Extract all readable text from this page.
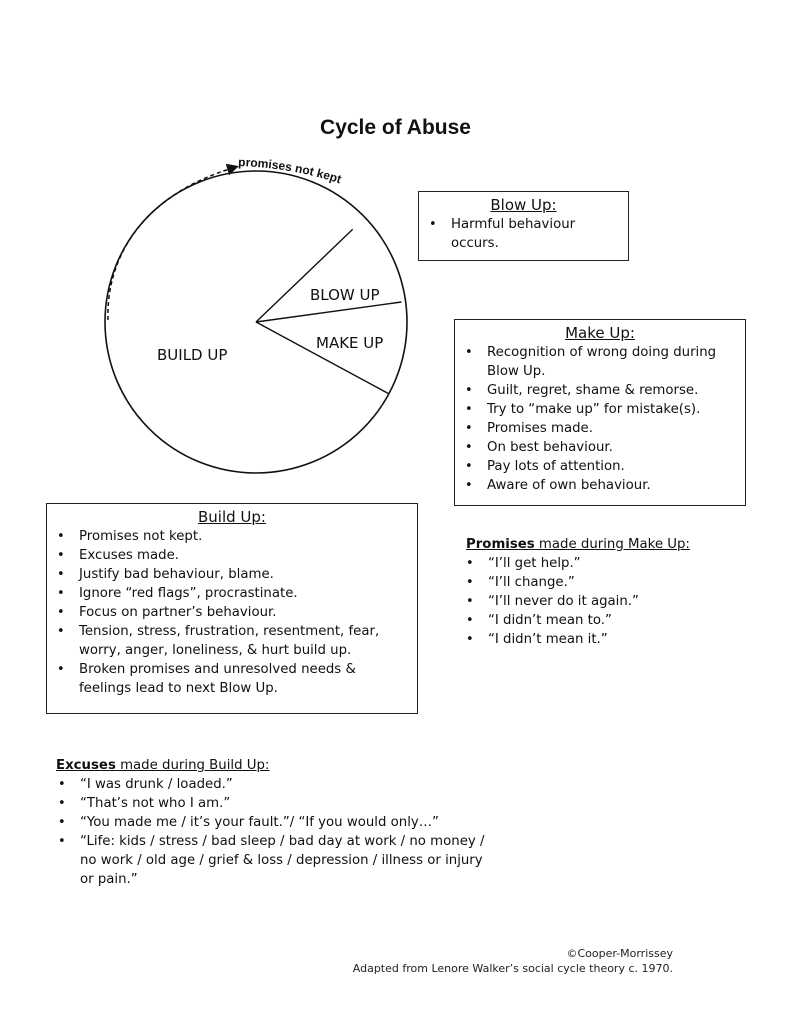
Cycle of Abuse
promises not kept
BLOW UP
MAKE UP
BUILD UP
Blow Up:
• Harmful behaviour occurs.
Make Up:
• Recognition of wrong doing during Blow Up.
• Guilt, regret, shame & remorse.
• Try to “make up” for mistake(s).
• Promises made.
• On best behaviour.
• Pay lots of attention.
• Aware of own behaviour.
Build Up:
• Promises not kept.
• Excuses made.
• Justify bad behaviour, blame.
• Ignore “red flags”, procrastinate.
• Focus on partner’s behaviour.
• Tension, stress, frustration, resentment, fear, worry, anger, loneliness, & hurt build up.
• Broken promises and unresolved needs & feelings lead to next Blow Up.
Promises made during Make Up:
• “I’ll get help.”
• “I’ll change.”
• “I’ll never do it again.”
• “I didn’t mean to.”
• “I didn’t mean it.”
Excuses made during Build Up:
• “I was drunk / loaded.”
• “That’s not who I am.”
• “You made me / it’s your fault.”/ “If you would only…”
• “Life: kids / stress / bad sleep / bad day at work / no money / no work / old age / grief & loss / depression / illness or injury or pain.”
©Cooper-Morrissey
Adapted from Lenore Walker’s social cycle theory c. 1970.
